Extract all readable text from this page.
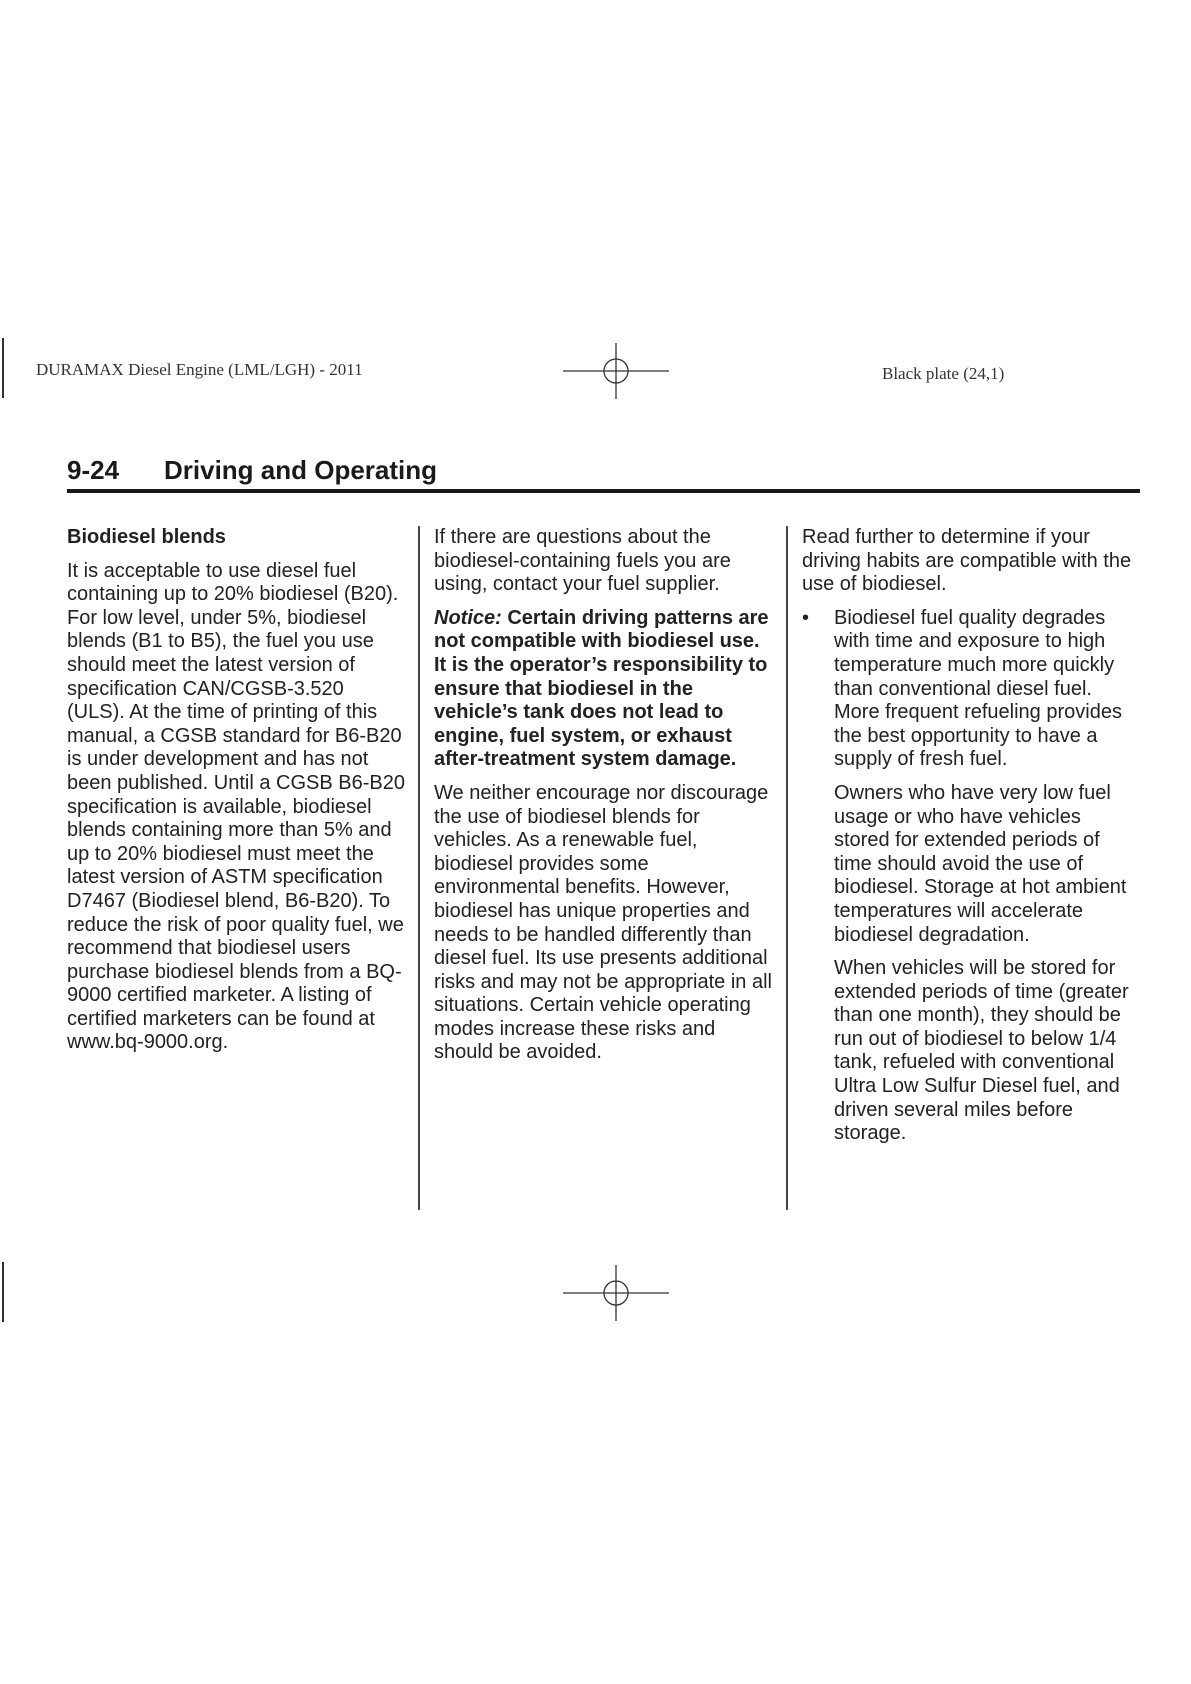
DURAMAX Diesel Engine (LML/LGH) - 2011	Black plate (24,1)
9-24 Driving and Operating

Biodiesel blends

It is acceptable to use diesel fuel containing up to 20% biodiesel (B20). For low level, under 5%, biodiesel blends (B1 to B5), the fuel you use should meet the latest version of specification CAN/CGSB-3.520 (ULS). At the time of printing of this manual, a CGSB standard for B6-B20 is under development and has not been published. Until a CGSB B6-B20 specification is available, biodiesel blends containing more than 5% and up to 20% biodiesel must meet the latest version of ASTM specification D7467 (Biodiesel blend, B6-B20). To reduce the risk of poor quality fuel, we recommend that biodiesel users purchase biodiesel blends from a BQ-9000 certified marketer. A listing of certified marketers can be found at www.bq-9000.org.

If there are questions about the biodiesel-containing fuels you are using, contact your fuel supplier.

Notice: Certain driving patterns are not compatible with biodiesel use. It is the operator’s responsibility to ensure that biodiesel in the vehicle’s tank does not lead to engine, fuel system, or exhaust after-treatment system damage.

We neither encourage nor discourage the use of biodiesel blends for vehicles. As a renewable fuel, biodiesel provides some environmental benefits. However, biodiesel has unique properties and needs to be handled differently than diesel fuel. Its use presents additional risks and may not be appropriate in all situations. Certain vehicle operating modes increase these risks and should be avoided.

Read further to determine if your driving habits are compatible with the use of biodiesel.

• Biodiesel fuel quality degrades with time and exposure to high temperature much more quickly than conventional diesel fuel. More frequent refueling provides the best opportunity to have a supply of fresh fuel.

Owners who have very low fuel usage or who have vehicles stored for extended periods of time should avoid the use of biodiesel. Storage at hot ambient temperatures will accelerate biodiesel degradation.

When vehicles will be stored for extended periods of time (greater than one month), they should be run out of biodiesel to below 1/4 tank, refueled with conventional Ultra Low Sulfur Diesel fuel, and driven several miles before storage.
